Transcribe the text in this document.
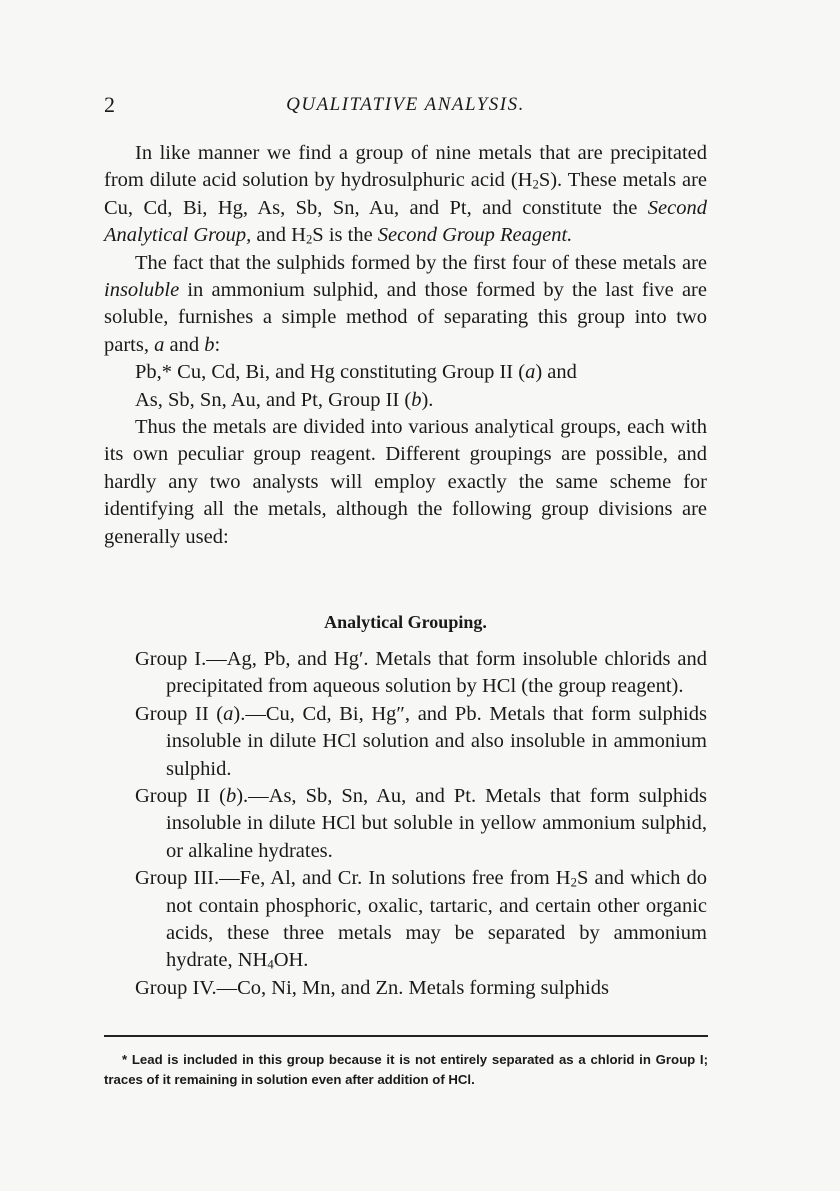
2	QUALITATIVE ANALYSIS.

In like manner we find a group of nine metals that are precipitated from dilute acid solution by hydrosulphuric acid $(H_2S)$. These metals are Cu, Cd, Bi, Hg, As, Sb, Sn, Au, and Pt, and constitute the Second Analytical Group, and $H_2S$ is the Second Group Reagent.

The fact that the sulphids formed by the first four of these metals are insoluble in ammonium sulphid, and those formed by the last five are soluble, furnishes a simple method of separating this group into two parts, a and b:

Pb,* Cu, Cd, Bi, and Hg constituting Group II (a) and

As, Sb, Sn, Au, and Pt, Group II (b).

Thus the metals are divided into various analytical groups, each with its own peculiar group reagent. Different groupings are possible, and hardly any two analysts will employ exactly the same scheme for identifying all the metals, although the following group divisions are generally used:

Analytical Grouping.

Group I.—Ag, Pb, and Hg′. Metals that form insoluble chlorids and precipitated from aqueous solution by HCl (the group reagent).

Group II (a).—Cu, Cd, Bi, Hg″, and Pb. Metals that form sulphids insoluble in dilute HCl solution and also insoluble in ammonium sulphid.

Group II (b).—As, Sb, Sn, Au, and Pt. Metals that form sulphids insoluble in dilute HCl but soluble in yellow ammonium sulphid, or alkaline hydrates.

Group III.—Fe, Al, and Cr. In solutions free from $H_2S$ and which do not contain phosphoric, oxalic, tartaric, and certain other organic acids, these three metals may be separated by ammonium hydrate, $NH_4OH$.

Group IV.—Co, Ni, Mn, and Zn. Metals forming sulphids

* Lead is included in this group because it is not entirely separated as a chlorid in Group I; traces of it remaining in solution even after addition of HCl.
